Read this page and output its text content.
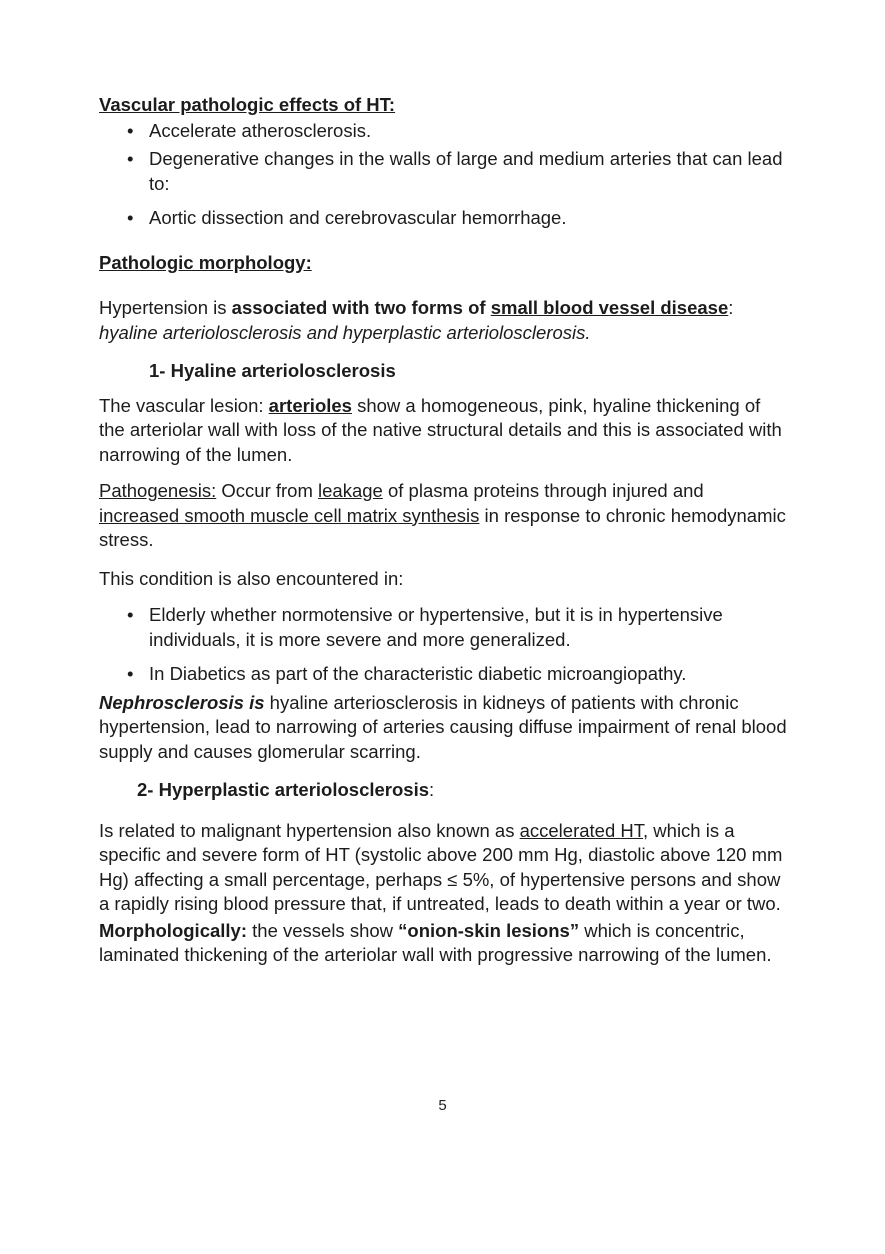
Vascular pathologic effects of HT:
• Accelerate atherosclerosis.
• Degenerative changes in the walls of large and medium arteries that can lead to:
• Aortic dissection and cerebrovascular hemorrhage.
Pathologic morphology:

Hypertension is associated with two forms of small blood vessel disease: hyaline arteriolosclerosis and hyperplastic arteriolosclerosis.

1- Hyaline arteriolosclerosis

The vascular lesion: arterioles show a homogeneous, pink, hyaline thickening of the arteriolar wall with loss of the native structural details and this is associated with narrowing of the lumen.

Pathogenesis: Occur from leakage of plasma proteins through injured and increased smooth muscle cell matrix synthesis in response to chronic hemodynamic stress.

This condition is also encountered in:

• Elderly whether normotensive or hypertensive, but it is in hypertensive individuals, it is more severe and more generalized.
• In Diabetics as part of the characteristic diabetic microangiopathy.

Nephrosclerosis is hyaline arteriosclerosis in kidneys of patients with chronic hypertension, lead to narrowing of arteries causing diffuse impairment of renal blood supply and causes glomerular scarring.

2- Hyperplastic arteriolosclerosis:

Is related to malignant hypertension also known as accelerated HT, which is a specific and severe form of HT (systolic above 200 mm Hg, diastolic above 120 mm Hg) affecting a small percentage, perhaps ≤ 5%, of hypertensive persons and show a rapidly rising blood pressure that, if untreated, leads to death within a year or two.

Morphologically: the vessels show “onion-skin lesions” which is concentric, laminated thickening of the arteriolar wall with progressive narrowing of the lumen.

5
